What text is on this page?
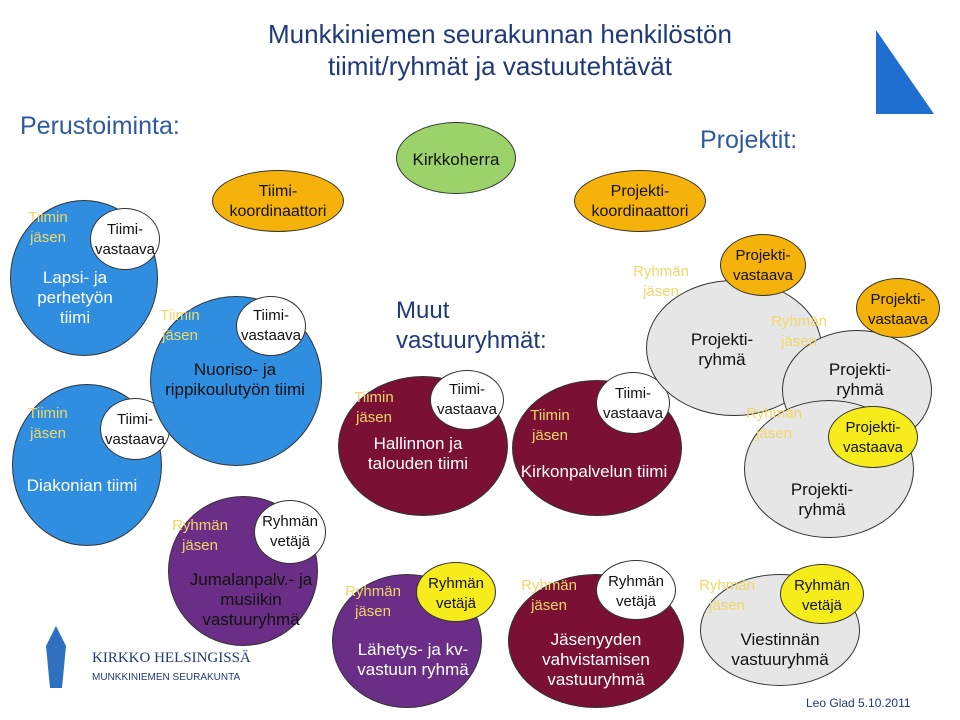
Munkkiniemen seurakunnan henkilöstön
tiimit/ryhmät ja vastuutehtävät
Perustoiminta:	Projektit:
Kirkkoherra
Tiimi-koordinaattori
Projekti-koordinaattori
Lapsi- ja perhetyön tiimi
Tiimin jäsen	Tiimi-vastaava
Diakonian tiimi
Tiimin jäsen
Tiimi-vastaava
Nuoriso- ja rippikoulutyön tiimi
Tiimin jäsen
Tiimi-vastaava
Jumalanpalv.- ja musiikin vastuuryhmä
Ryhmän jäsen
Ryhmän vetäjä
Muut vastuuryhmät:
Hallinnon ja talouden tiimi
Tiimin jäsen
Tiimi-vastaava
Kirkonpalvelun tiimi
Tiimin jäsen
Tiimi-vastaava
Projekti-ryhmä
Ryhmän jäsen
Projekti-vastaava
Projekti-ryhmä
Ryhmän jäsen
Projekti-vastaava
Projekti-ryhmä
Ryhmän jäsen	Projekti-vastaava
Lähetys- ja kv-vastuun ryhmä
Ryhmän jäsen
Ryhmän vetäjä
Jäsenyyden vahvistamisen vastuuryhmä
Ryhmän jäsen
Ryhmän vetäjä
Viestinnän vastuuryhmä
Ryhmän jäsen
Ryhmän vetäjä
KIRKKO HELSINGISSÄ
MUNKKINIEMEN SEURAKUNTA
Leo Glad 5.10.2011
